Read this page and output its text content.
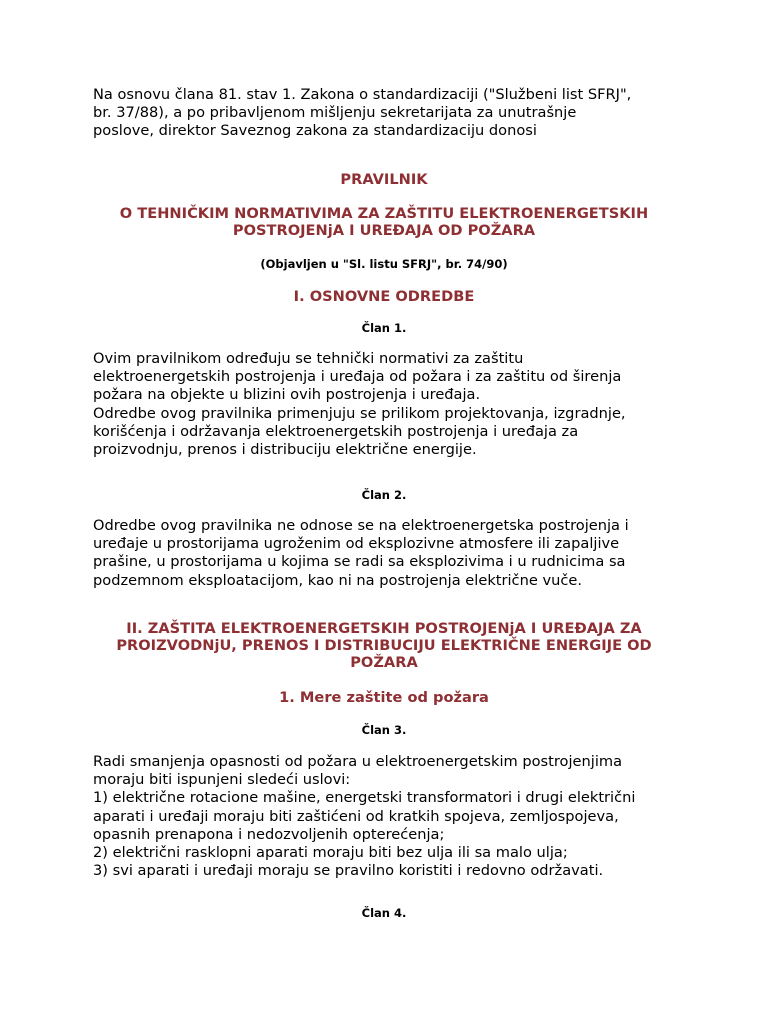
Na osnovu člana 81. stav 1. Zakona o standardizaciji ("Službeni list SFRJ",
br. 37/88), a po pribavljenom mišljenju sekretarijata za unutrašnje
poslove, direktor Saveznog zakona za standardizaciju donosi

PRAVILNIK
O TEHNIČKIM NORMATIVIMA ZA ZAŠTITU ELEKTROENERGETSKIH
POSTROJENjA I UREĐAJA OD POŽARA
(Objavljen u "Sl. listu SFRJ", br. 74/90)
I. OSNOVNE ODREDBE
Član 1.

Ovim pravilnikom određuju se tehnički normativi za zaštitu
elektroenergetskih postrojenja i uređaja od požara i za zaštitu od širenja
požara na objekte u blizini ovih postrojenja i uređaja.
Odredbe ovog pravilnika primenjuju se prilikom projektovanja, izgradnje,
korišćenja i održavanja elektroenergetskih postrojenja i uređaja za
proizvodnju, prenos i distribuciju električne energije.

Član 2.

Odredbe ovog pravilnika ne odnose se na elektroenergetska postrojenja i
uređaje u prostorijama ugroženim od eksplozivne atmosfere ili zapaljive
prašine, u prostorijama u kojima se radi sa eksplozivima i u rudnicima sa
podzemnom eksploatacijom, kao ni na postrojenja električne vuče.

II. ZAŠTITA ELEKTROENERGETSKIH POSTROJENjA I UREĐAJA ZA
PROIZVODNjU, PRENOS I DISTRIBUCIJU ELEKTRIČNE ENERGIJE OD
POŽARA
1. Mere zaštite od požara
Član 3.

Radi smanjenja opasnosti od požara u elektroenergetskim postrojenjima
moraju biti ispunjeni sledeći uslovi:
1) električne rotacione mašine, energetski transformatori i drugi električni
aparati i uređaji moraju biti zaštićeni od kratkih spojeva, zemljospojeva,
opasnih prenapona i nedozvoljenih opterećenja;
2) električni rasklopni aparati moraju biti bez ulja ili sa malo ulja;
3) svi aparati i uređaji moraju se pravilno koristiti i redovno održavati.

Član 4.
